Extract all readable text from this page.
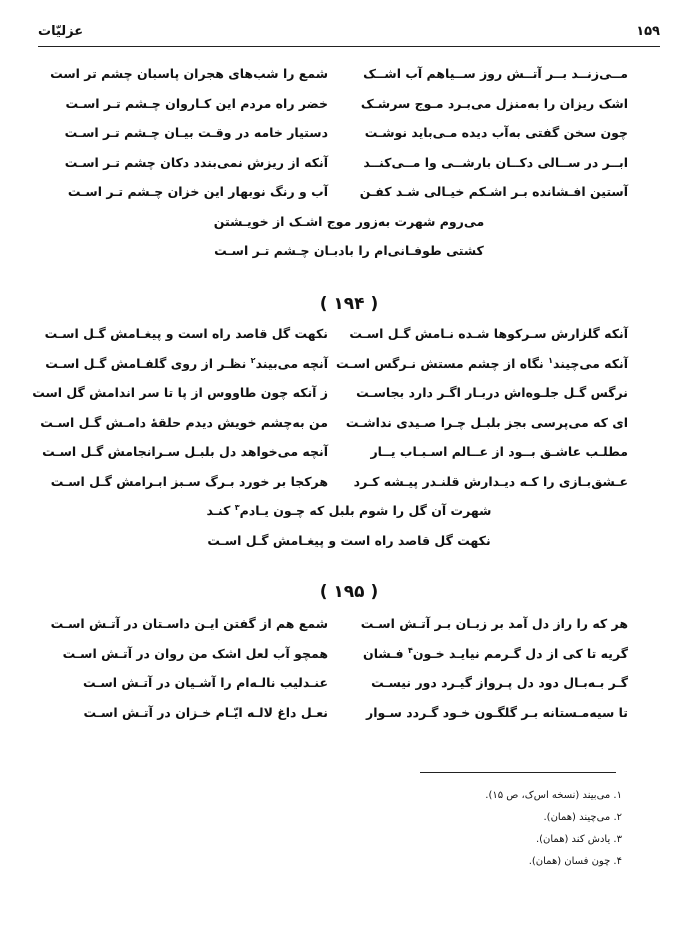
۱۵۹
عزلیّات
مــی‌زنــد بــر آتــش روز ســیاهم آب اشــک
شمع را شب‌های هجران پاسبان چشم تر است
اشک ریزان را به‌منزل می‌بـرد مـوج سرشـک
خضر راه مردم این کـاروان چـشم تـر اسـت
چون سخن گفتی به‌آب دیده مـی‌باید نوشـت
دستیار خامه در وقـت بیـان چـشم تـر اسـت
ابــر در ســالی دکــان بارشــی وا مــی‌کنــد
آنکه از ریزش نمی‌بندد دکان چشم تـر اسـت
آستین افـشانده بـر اشـکم خیـالی شـد کفـن
آب و رنگ نوبهار این خزان چـشم تـر اسـت
می‌روم شهرت به‌زور موج اشـک از خویـشتن
کشتی طوفـانی‌ام را بادبـان چـشم تـر اسـت
( ۱۹۴ )
آنکه گلزارش سـرکوها شـده نـامش گـل اسـت
نکهت گل قاصد راه است و پیغـامش گـل اسـت
آنکه می‌چیند$^۱$ نگاه از چشم مستش نـرگس اسـت
آنچه می‌بیند$^۲$ نظـر از روی گلفـامش گـل اسـت
نرگس گـل جلـوه‌اش دربـار اگـر دارد بجاسـت
ز آنکه چون طاووس از پا تا سر اندامش گل است
ای که می‌پرسی بجز بلبـل چـرا صـیدی نداشـت
من به‌چشم خویش دیدم حلقهٔ دامـش گـل اسـت
مطلـب عاشـق بــود از عــالم اسـبـاب یــار
آنچه می‌خواهد دل بلبـل سـرانجامش گـل اسـت
عـشق‌بـازی را کـه دیـدارش قلنـدر پیـشه کـرد
هرکجا بر خورد بـرگ سـبز ابـرامش گـل اسـت
شهرت آن گل را شوم بلبل که چـون یـادم$^۳$ کنـد
نکهت گل قاصد راه است و پیغـامش گـل اسـت
( ۱۹۵ )
هر که را راز دل آمد بر زبـان بـر آتـش اسـت
شمع هم از گفتن ایـن داسـتان در آتـش اسـت
گریه تا کی از دل گـرمم نیایـد خـون$^۴$ فـشان
همچو آب لعل اشک من روان در آتـش اسـت
گـر بـه‌بـال دود دل پـرواز گیـرد دور نیسـت
عنـدلیب نالـه‌ام را آشـیان در آتـش اسـت
تا سیه‌مـستانه بـر گلگـون خـود گـردد سـوار
نعـل داغ لالـه ایّـام خـزان در آتـش اسـت
۱. می‌بیند (نسخه اس‌ک، ص ۱۵).
۲. می‌چیند (همان).
۳. یادش کند (همان).
۴. چون فسان (همان).
